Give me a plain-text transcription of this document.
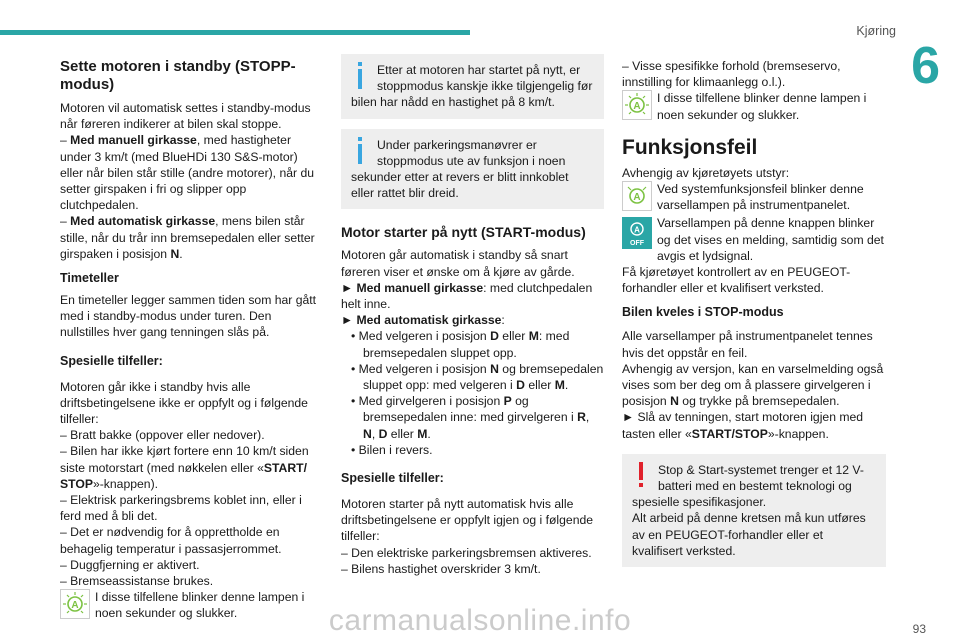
Kjøring
6
Sette motoren i standby (STOPP-modus)

Motoren vil automatisk settes i standby-modus når føreren indikerer at bilen skal stoppe.

– Med manuell girkasse, med hastigheter under 3 km/t (med BlueHDi 130 S&S-motor) eller når bilen står stille (andre motorer), når du setter girspaken i fri og slipper opp clutchpedalen.

– Med automatisk girkasse, mens bilen står stille, når du trår inn bremsepedalen eller setter girspaken i posisjon N.

Timeteller

En timeteller legger sammen tiden som har gått med i standby-modus under turen. Den nullstilles hver gang tenningen slås på.

Spesielle tilfeller:

Motoren går ikke i standby hvis alle driftsbetingelsene ikke er oppfylt og i følgende tilfeller:

– Bratt bakke (oppover eller nedover).

– Bilen har ikke kjørt fortere enn 10 km/t siden siste motorstart (med nøkkelen eller «START/ STOP»-knappen).

– Elektrisk parkeringsbrems koblet inn, eller i ferd med å bli det.

– Det er nødvendig for å opprettholde en behagelig temperatur i passasjerrommet.

– Duggfjerning er aktivert.

– Bremseassistanse brukes.

A
I disse tilfellene blinker denne lampen i noen sekunder og slukker.

Etter at motoren har startet på nytt, er stoppmodus kanskje ikke tilgjengelig før bilen har nådd en hastighet på 8 km/t.

Under parkeringsmanøvrer er stoppmodus ute av funksjon i noen sekunder etter at revers er blitt innkoblet eller rattet blir dreid.

Motor starter på nytt (START-modus)

Motoren går automatisk i standby så snart føreren viser et ønske om å kjøre av gårde.

► Med manuell girkasse: med clutchpedalen helt inne.

► Med automatisk girkasse:

• Med velgeren i posisjon D eller M: med bremsepedalen sluppet opp.

• Med velgeren i posisjon N og bremsepedalen sluppet opp: med velgeren i D eller M.

• Med girvelgeren i posisjon P og bremsepedalen inne: med girvelgeren i R, N, D eller M.

• Bilen i revers.

Spesielle tilfeller:

Motoren starter på nytt automatisk hvis alle driftsbetingelsene er oppfylt igjen og i følgende tilfeller:

– Den elektriske parkeringsbremsen aktiveres.

– Bilens hastighet overskrider 3 km/t.

– Visse spesifikke forhold (bremseservo, innstilling for klimaanlegg o.l.).

A
I disse tilfellene blinker denne lampen i noen sekunder og slukker.
Funksjonsfeil

Avhengig av kjøretøyets utstyr:

A
Ved systemfunksjonsfeil blinker denne varsellampen på instrumentpanelet.
A
OFF

Varsellampen på denne knappen blinker og det vises en melding, samtidig som det avgis et lydsignal.

Få kjøretøyet kontrollert av en PEUGEOT-forhandler eller et kvalifisert verksted.

Bilen kveles i STOP-modus

Alle varsellamper på instrumentpanelet tennes hvis det oppstår en feil.

Avhengig av versjon, kan en varselmelding også vises som ber deg om å plassere girvelgeren i posisjon N og trykke på bremsepedalen.

► Slå av tenningen, start motoren igjen med tasten eller «START/STOP»-knappen.

Stop & Start-systemet trenger et 12 V-batteri med en bestemt teknologi og spesielle spesifikasjoner.

Alt arbeid på denne kretsen må kun utføres av en PEUGEOT-forhandler eller et kvalifisert verksted.

carmanualsonline.info	93
